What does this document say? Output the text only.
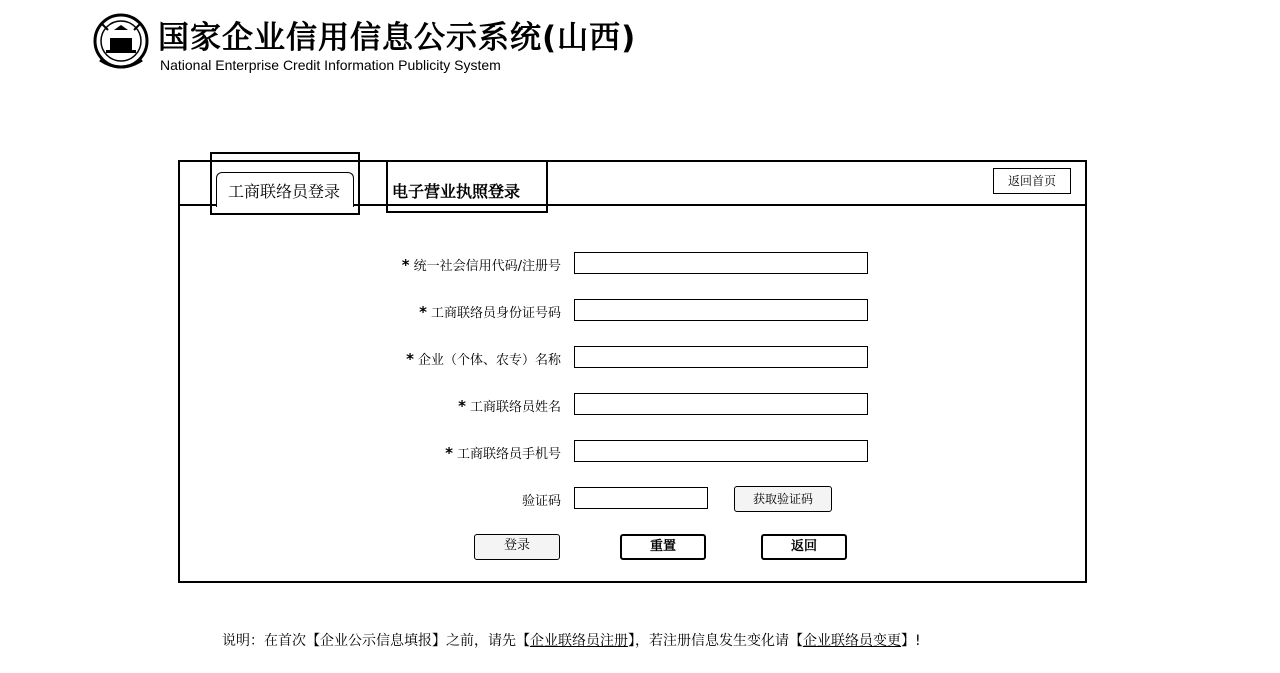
国家企业信用信息公示系统(山西)
National Enterprise Credit Information Publicity System
工商联络员登录	电子营业执照登录
返回首页
* 统一社会信用代码/注册号
* 工商联络员身份证号码
* 企业（个体、农专）名称
* 工商联络员姓名
* 工商联络员手机号
验证码	获取验证码
登录	重置	返回
说明：在首次【企业公示信息填报】之前，请先【企业联络员注册】，若注册信息发生变化请【企业联络员变更】!
